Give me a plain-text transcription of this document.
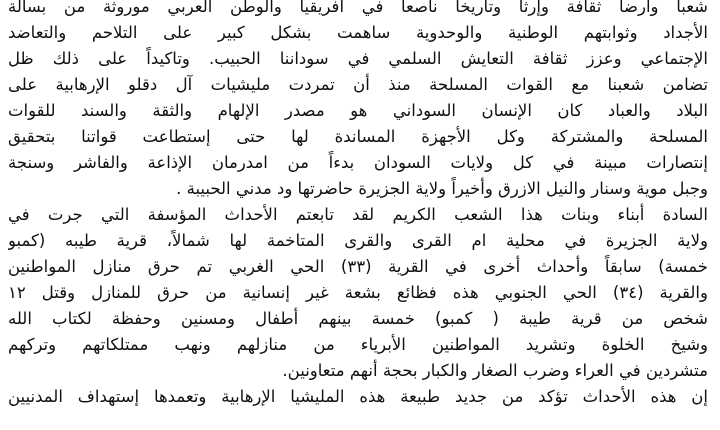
شعبا وارضا ثقافة وإرثا وتاريخا ناصعا في افريقيا والوطن العربي موروثة من بسالة
الأجداد وثوابتهم الوطنية والوحدوية ساهمت بشكل كبير على التلاحم والتعاضد
الإجتماعي وعزز ثقافة التعايش السلمي في سوداننا الحبيب. وتاكيداً على ذلك ظل
تضامن شعبنا مع القوات المسلحة منذ أن تمردت مليشيات آل دقلو الإرهابية على
البلاد والعباد كان الإنسان السوداني هو مصدر الإلهام والثقة والسند للقوات
المسلحة والمشتركة وكل الأجهزة المساندة لها حتى إستطاعت قواتنا بتحقيق
إنتصارات مبينة في كل ولايات السودان بدءاً من امدرمان الإذاعة والفاشر وسنجة
وجبل موية وسنار والنيل الازرق وأخيراً ولاية الجزيرة حاضرتها ود مدني الحبيبة .
السادة أبناء وبنات هذا الشعب الكريم لقد تابعتم الأحداث المؤسفة التي جرت في
ولاية الجزيرة في محلية ام القرى والقرى المتاخمة لها شمالاً، قرية طيبه (كمبو
خمسة) سابقاً وأحداث أخرى في القرية (٣٣) الحي الغربي تم حرق منازل المواطنين
والقرية (٣٤) الحي الجنوبي هذه فظائع بشعة غير إنسانية من حرق للمنازل وقتل ١٢
شخص من قرية طيبة ( كمبو) خمسة بينهم أطفال ومسنين وحفظة لكتاب الله
وشيخ الخلوة وتشريد المواطنين الأبرياء من منازلهم ونهب ممتلكاتهم وتركهم
متشردين في العراء وضرب الصغار والكبار بحجة أنهم متعاونين.
إن هذه الأحداث تؤكد من جديد طبيعة هذه المليشيا الإرهابية وتعمدها إستهداف المدنيين
